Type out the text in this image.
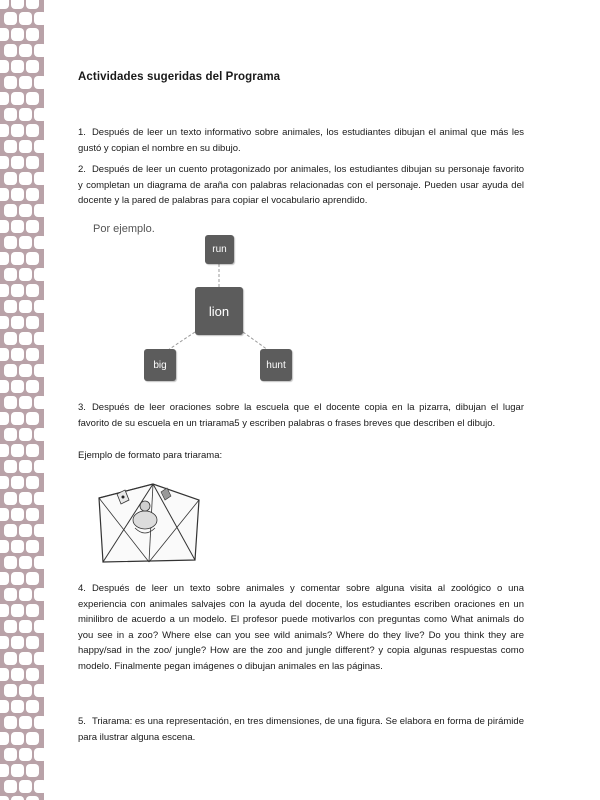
Actividades sugeridas del Programa
1. Después de leer un texto informativo sobre animales, los estudiantes dibujan el animal que más les gustó y copian el nombre en su dibujo.
2. Después de leer un cuento protagonizado por animales, los estudiantes dibujan su personaje favorito y completan un diagrama de araña con palabras relacionadas con el personaje. Pueden usar ayuda del docente y la pared de palabras para copiar el vocabulario aprendido.
Por ejemplo.
run
lion
big	hunt
3. Después de leer oraciones sobre la escuela que el docente copia en la pizarra, dibujan el lugar favorito de su escuela en un triarama5 y escriben palabras o frases breves que describen el dibujo.
Ejemplo de formato para triarama:
4. Después de leer un texto sobre animales y comentar sobre alguna visita al zoológico o una experiencia con animales salvajes con la ayuda del docente, los estudiantes escriben oraciones en un minilibro de acuerdo a un modelo. El profesor puede motivarlos con preguntas como What animals do you see in a zoo? Where else can you see wild animals? Where do they live? Do you think they are happy/sad in the zoo/ jungle? How are the zoo and jungle different? y copia algunas respuestas como modelo. Finalmente pegan imágenes o dibujan animales en las páginas.
5. Triarama: es una representación, en tres dimensiones, de una figura. Se elabora en forma de pirámide para ilustrar alguna escena.
